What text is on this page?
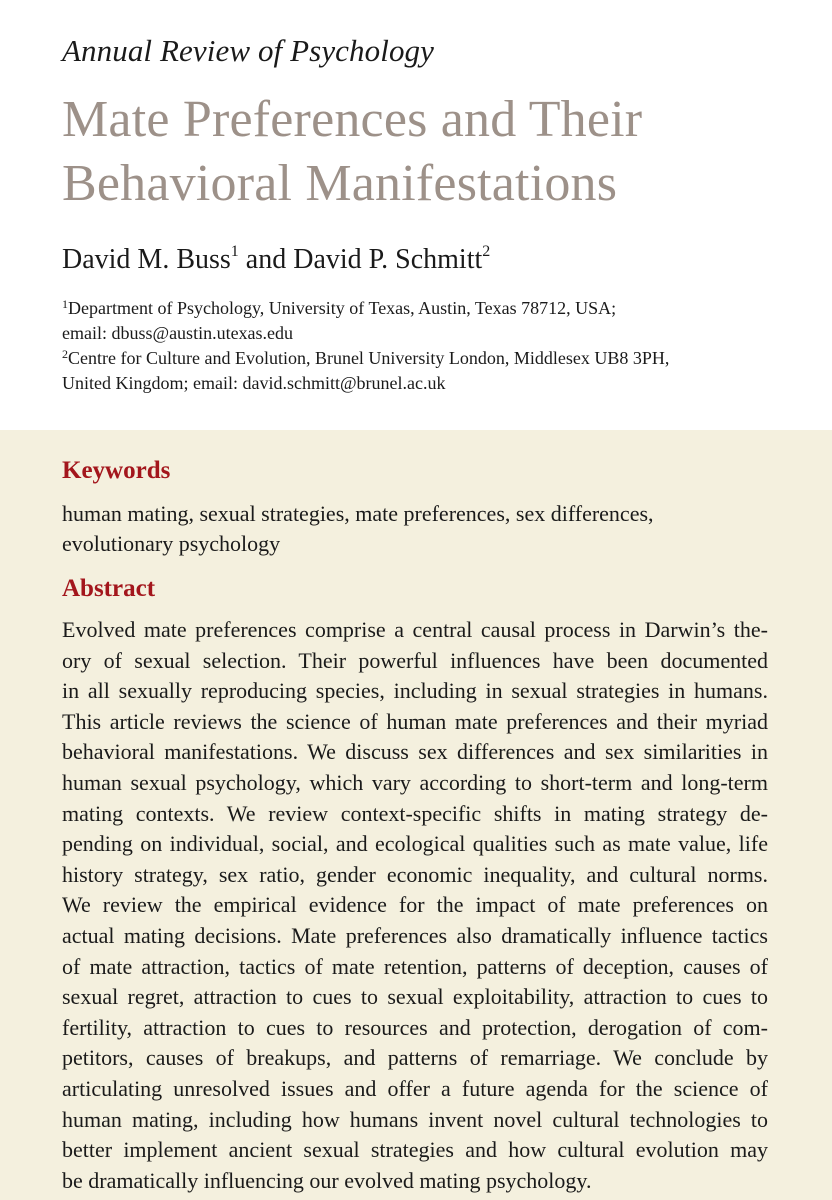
Annual Review of Psychology
Mate Preferences and Their
Behavioral Manifestations
David M. Buss$^1$ and David P. Schmitt$^2$
$^1$Department of Psychology, University of Texas, Austin, Texas 78712, USA;
email: dbuss@austin.utexas.edu
$^2$Centre for Culture and Evolution, Brunel University London, Middlesex UB8 3PH,
United Kingdom; email: david.schmitt@brunel.ac.uk
Keywords
human mating, sexual strategies, mate preferences, sex differences,
evolutionary psychology
Abstract
Evolved mate preferences comprise a central causal process in Darwin’s the-
ory of sexual selection. Their powerful influences have been documented
in all sexually reproducing species, including in sexual strategies in humans.
This article reviews the science of human mate preferences and their myriad
behavioral manifestations. We discuss sex differences and sex similarities in
human sexual psychology, which vary according to short-term and long-term
mating contexts. We review context-specific shifts in mating strategy de-
pending on individual, social, and ecological qualities such as mate value, life
history strategy, sex ratio, gender economic inequality, and cultural norms.
We review the empirical evidence for the impact of mate preferences on
actual mating decisions. Mate preferences also dramatically influence tactics
of mate attraction, tactics of mate retention, patterns of deception, causes of
sexual regret, attraction to cues to sexual exploitability, attraction to cues to
fertility, attraction to cues to resources and protection, derogation of com-
petitors, causes of breakups, and patterns of remarriage. We conclude by
articulating unresolved issues and offer a future agenda for the science of
human mating, including how humans invent novel cultural technologies to
better implement ancient sexual strategies and how cultural evolution may
be dramatically influencing our evolved mating psychology.
